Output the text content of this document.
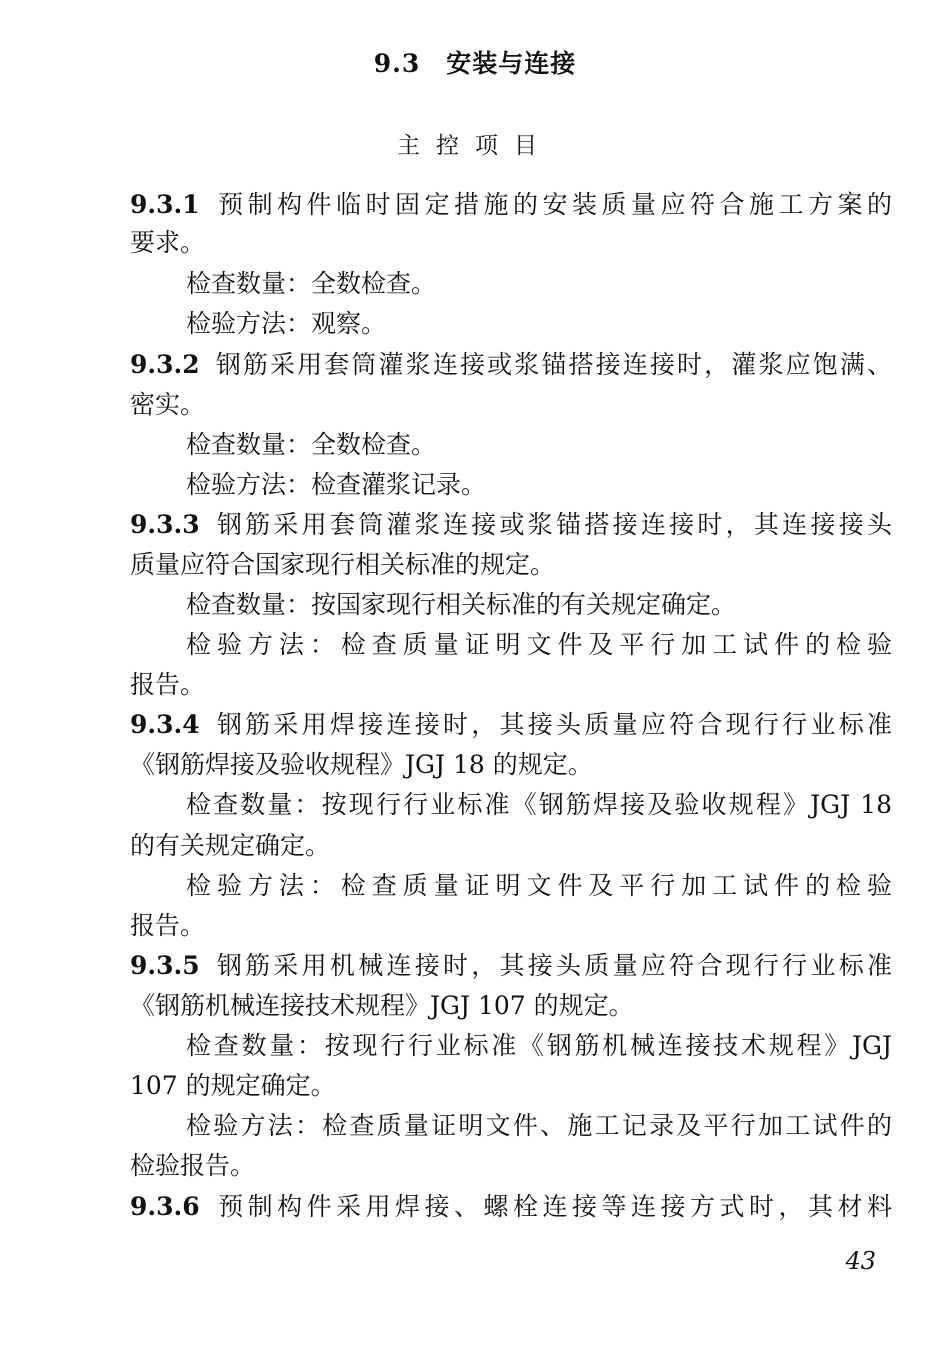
9.3 安装与连接
主控项目
9.3.1 预制构件临时固定措施的安装质量应符合施工方案的
要求。
检查数量：全数检查。
检验方法：观察。
9.3.2 钢筋采用套筒灌浆连接或浆锚搭接连接时，灌浆应饱满、
密实。
检查数量：全数检查。
检验方法：检查灌浆记录。
9.3.3 钢筋采用套筒灌浆连接或浆锚搭接连接时，其连接接头
质量应符合国家现行相关标准的规定。
检查数量：按国家现行相关标准的有关规定确定。
检验方法：检查质量证明文件及平行加工试件的检验
报告。
9.3.4 钢筋采用焊接连接时，其接头质量应符合现行行业标准
《钢筋焊接及验收规程》JGJ 18 的规定。
检查数量：按现行行业标准《钢筋焊接及验收规程》JGJ 18
的有关规定确定。
检验方法：检查质量证明文件及平行加工试件的检验
报告。
9.3.5 钢筋采用机械连接时，其接头质量应符合现行行业标准
《钢筋机械连接技术规程》JGJ 107 的规定。
检查数量：按现行行业标准《钢筋机械连接技术规程》JGJ
107 的规定确定。
检验方法：检查质量证明文件、施工记录及平行加工试件的
检验报告。
9.3.6 预制构件采用焊接、螺栓连接等连接方式时，其材料
43
